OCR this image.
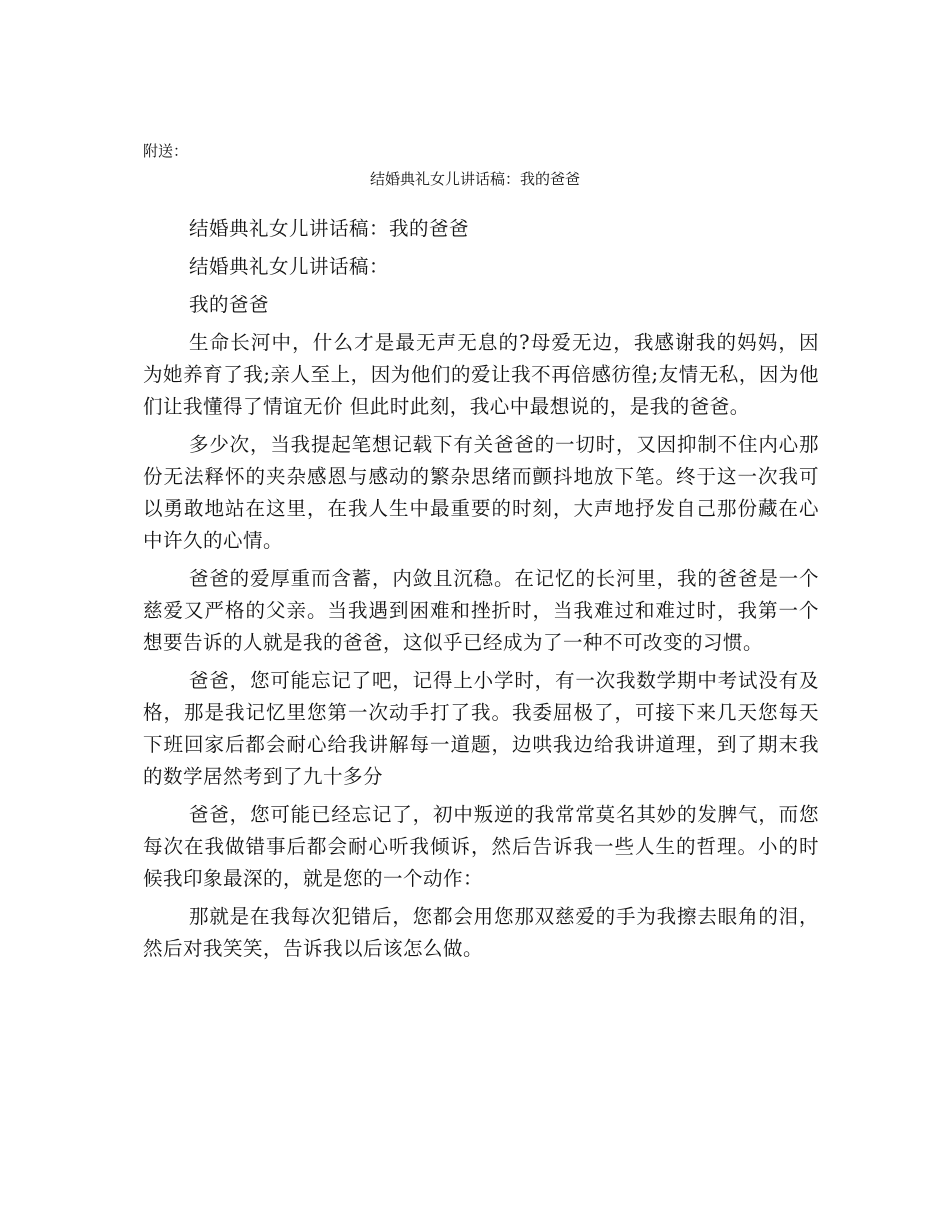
附送：
结婚典礼女儿讲话稿：我的爸爸

结婚典礼女儿讲话稿：我的爸爸

结婚典礼女儿讲话稿：

我的爸爸

生命长河中，什么才是最无声无息的?母爱无边，我感谢我的妈妈，因为她养育了我;亲人至上，因为他们的爱让我不再倍感彷徨;友情无私，因为他们让我懂得了情谊无价 但此时此刻，我心中最想说的，是我的爸爸。

多少次，当我提起笔想记载下有关爸爸的一切时，又因抑制不住内心那份无法释怀的夹杂感恩与感动的繁杂思绪而颤抖地放下笔。终于这一次我可以勇敢地站在这里，在我人生中最重要的时刻，大声地抒发自己那份藏在心中许久的心情。

爸爸的爱厚重而含蓄，内敛且沉稳。在记忆的长河里，我的爸爸是一个慈爱又严格的父亲。当我遇到困难和挫折时，当我难过和难过时，我第一个想要告诉的人就是我的爸爸，这似乎已经成为了一种不可改变的习惯。

爸爸，您可能忘记了吧，记得上小学时，有一次我数学期中考试没有及格，那是我记忆里您第一次动手打了我。我委屈极了，可接下来几天您每天下班回家后都会耐心给我讲解每一道题，边哄我边给我讲道理，到了期末我的数学居然考到了九十多分

爸爸，您可能已经忘记了，初中叛逆的我常常莫名其妙的发脾气，而您每次在我做错事后都会耐心听我倾诉，然后告诉我一些人生的哲理。小的时候我印象最深的，就是您的一个动作：

那就是在我每次犯错后，您都会用您那双慈爱的手为我擦去眼角的泪，然后对我笑笑，告诉我以后该怎么做。
